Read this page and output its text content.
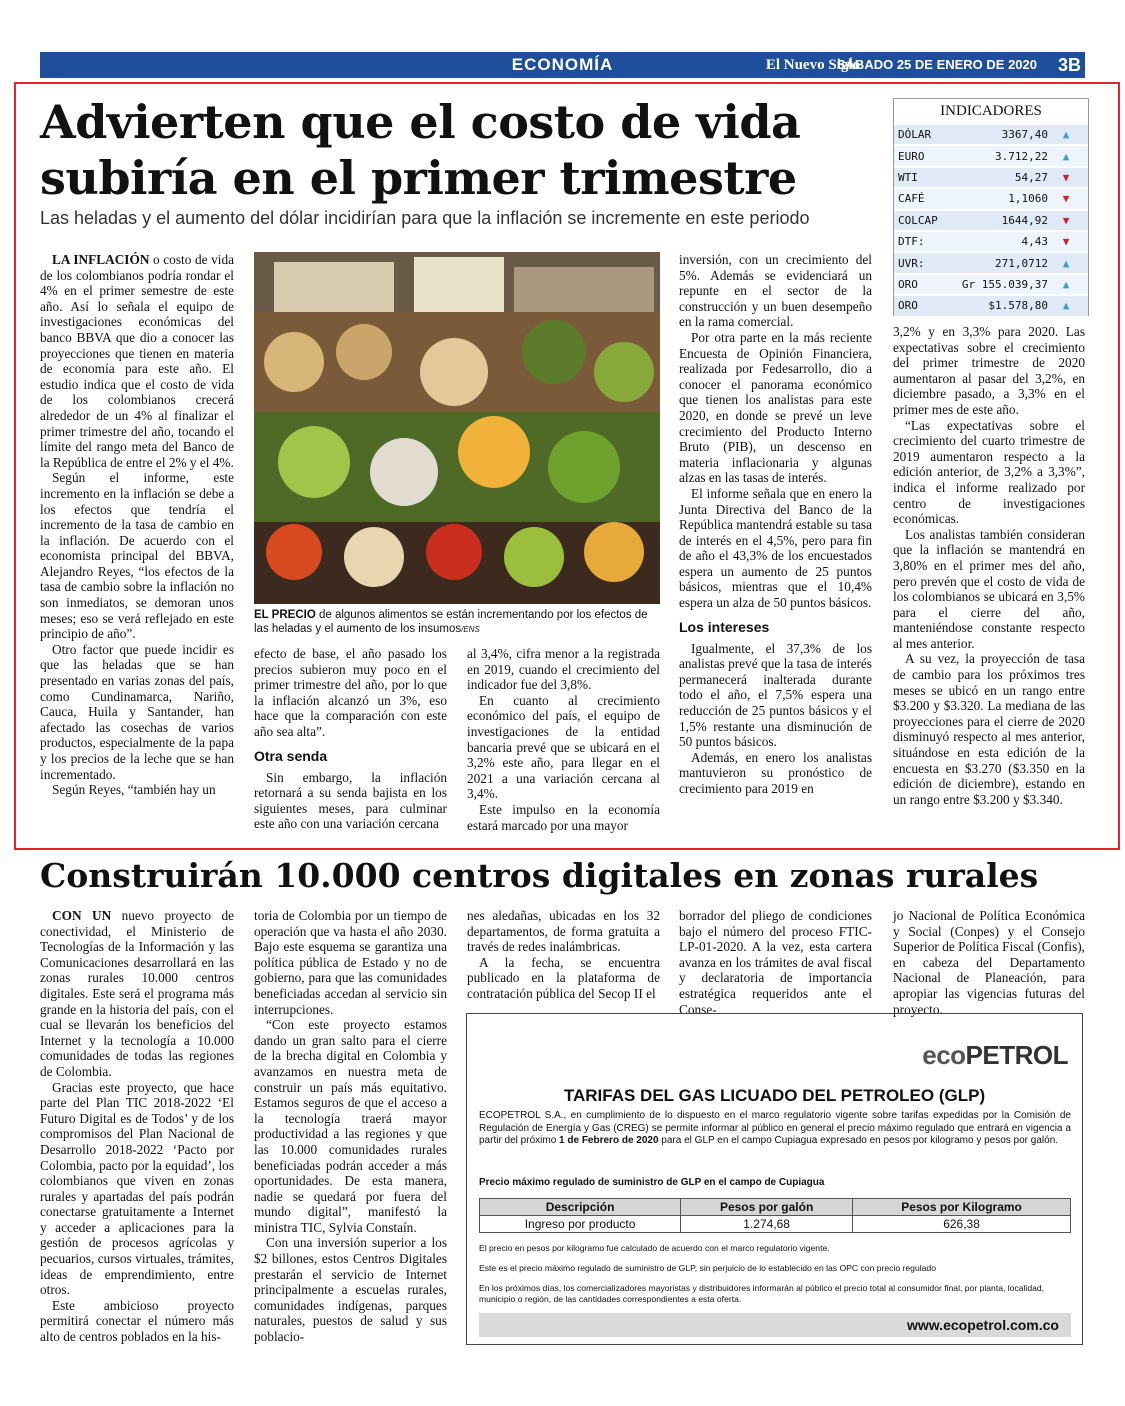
ECONOMÍA	El Nuevo Siglo
SÁBADO 25 DE ENERO DE 2020 3B
Advierten que el costo de vida subiría en el primer trimestre
Las heladas y el aumento del dólar incidirían para que la inflación se incremente en este periodo
INDICADORES
DÓLAR	3367,40	▲
EURO	3.712,22	▲
WTI	54,27	▼
CAFÉ	1,1060	▼
COLCAP	1644,92	▼
DTF:	4,43	▼
UVR:	271,0712	▲
ORO	Gr 155.039,37	▲
ORO	$1.578,80	▲

LA INFLACIÓN o costo de vida de los colombianos podría rondar el 4% en el primer semestre de este año. Así lo señala el equipo de investigaciones económicas del banco BBVA que dio a conocer las proyecciones que tienen en materia de economía para este año. El estudio indica que el costo de vida de los colombianos crecerá alrededor de un 4% al finalizar el primer trimestre del año, tocando el límite del rango meta del Banco de la República de entre el 2% y el 4%.

Según el informe, este incremento en la inflación se debe a los efectos que tendría el incremento de la tasa de cambio en la inflación. De acuerdo con el economista principal del BBVA, Alejandro Reyes, “los efectos de la tasa de cambio sobre la inflación no son inmediatos, se demoran unos meses; eso se verá reflejado en este principio de año”.

Otro factor que puede incidir es que las heladas que se han presentado en varias zonas del país, como Cundinamarca, Nariño, Cauca, Huila y Santander, han afectado las cosechas de varios productos, especialmente de la papa y los precios de la leche que se han incrementado.

Según Reyes, “también hay un

EL PRECIO de algunos alimentos se están incrementando por los efectos de las heladas y el aumento de los insumos/ENS

efecto de base, el año pasado los precios subieron muy poco en el primer trimestre del año, por lo que la inflación alcanzó un 3%, eso hace que la comparación con este año sea alta”.

Otra senda

Sin embargo, la inflación retornará a su senda bajista en los siguientes meses, para culminar este año con una variación cercana

al 3,4%, cifra menor a la registrada en 2019, cuando el crecimiento del indicador fue del 3,8%.

En cuanto al crecimiento económico del país, el equipo de investigaciones de la entidad bancaria prevé que se ubicará en el 3,2% este año, para llegar en el 2021 a una variación cercana al 3,4%.

Este impulso en la economía estará marcado por una mayor

inversión, con un crecimiento del 5%. Además se evidenciará un repunte en el sector de la construcción y un buen desempeño en la rama comercial.

Por otra parte en la más reciente Encuesta de Opinión Financiera, realizada por Fedesarrollo, dio a conocer el panorama económico que tienen los analistas para este 2020, en donde se prevé un leve crecimiento del Producto Interno Bruto (PIB), un descenso en materia inflacionaria y algunas alzas en las tasas de interés.

El informe señala que en enero la Junta Directiva del Banco de la República mantendrá estable su tasa de interés en el 4,5%, pero para fin de año el 43,3% de los encuestados espera un aumento de 25 puntos básicos, mientras que el 10,4% espera un alza de 50 puntos básicos.

Los intereses

Igualmente, el 37,3% de los analistas prevé que la tasa de interés permanecerá inalterada durante todo el año, el 7,5% espera una reducción de 25 puntos básicos y el 1,5% restante una disminución de 50 puntos básicos.

Además, en enero los analistas mantuvieron su pronóstico de crecimiento para 2019 en

3,2% y en 3,3% para 2020. Las expectativas sobre el crecimiento del primer trimestre de 2020 aumentaron al pasar del 3,2%, en diciembre pasado, a 3,3% en el primer mes de este año.

“Las expectativas sobre el crecimiento del cuarto trimestre de 2019 aumentaron respecto a la edición anterior, de 3,2% a 3,3%”, indica el informe realizado por centro de investigaciones económicas.

Los analistas también consideran que la inflación se mantendrá en 3,80% en el primer mes del año, pero prevén que el costo de vida de los colombianos se ubicará en 3,5% para el cierre del año, manteniéndose constante respecto al mes anterior.

A su vez, la proyección de tasa de cambio para los próximos tres meses se ubicó en un rango entre $3.200 y $3.320. La mediana de las proyecciones para el cierre de 2020 disminuyó respecto al mes anterior, situándose en esta edición de la encuesta en $3.270 ($3.350 en la edición de diciembre), estando en un rango entre $3.200 y $3.340.

Construirán 10.000 centros digitales en zonas rurales

CON UN nuevo proyecto de conectividad, el Ministerio de Tecnologías de la Información y las Comunicaciones desarrollará en las zonas rurales 10.000 centros digitales. Este será el programa más grande en la historia del país, con el cual se llevarán los beneficios del Internet y la tecnología a 10.000 comunidades de todas las regiones de Colombia.

Gracias este proyecto, que hace parte del Plan TIC 2018-2022 ‘El Futuro Digital es de Todos’ y de los compromisos del Plan Nacional de Desarrollo 2018-2022 ‘Pacto por Colombia, pacto por la equidad’, los colombianos que viven en zonas rurales y apartadas del país podrán conectarse gratuitamente a Internet y acceder a aplicaciones para la gestión de procesos agrícolas y pecuarios, cursos virtuales, trámites, ideas de emprendimiento, entre otros.

Este ambicioso proyecto permitirá conectar el número más alto de centros poblados en la his-

toria de Colombia por un tiempo de operación que va hasta el año 2030. Bajo este esquema se garantiza una política pública de Estado y no de gobierno, para que las comunidades beneficiadas accedan al servicio sin interrupciones.

“Con este proyecto estamos dando un gran salto para el cierre de la brecha digital en Colombia y avanzamos en nuestra meta de construir un país más equitativo. Estamos seguros de que el acceso a la tecnología traerá mayor productividad a las regiones y que las 10.000 comunidades rurales beneficiadas podrán acceder a más oportunidades. De esta manera, nadie se quedará por fuera del mundo digital”, manifestó la ministra TIC, Sylvia Constaín.

Con una inversión superior a los $2 billones, estos Centros Digitales prestarán el servicio de Internet principalmente a escuelas rurales, comunidades indígenas, parques naturales, puestos de salud y sus poblacio-

nes aledañas, ubicadas en los 32 departamentos, de forma gratuita a través de redes inalámbricas.

A la fecha, se encuentra publicado en la plataforma de contratación pública del Secop II el

borrador del pliego de condiciones bajo el número del proceso FTIC-LP-01-2020. A la vez, esta cartera avanza en los trámites de aval fiscal y declaratoria de importancia estratégica requeridos ante el Conse-

jo Nacional de Política Económica y Social (Conpes) y el Consejo Superior de Política Fiscal (Confis), en cabeza del Departamento Nacional de Planeación, para apropiar las vigencias futuras del proyecto.

ecoPETROL
TARIFAS DEL GAS LICUADO DEL PETROLEO (GLP)
ECOPETROL S.A., en cumplimiento de lo dispuesto en el marco regulatorio vigente sobre tarifas expedidas por la Comisión de Regulación de Energía y Gas (CREG) se permite informar al público en general el precio máximo regulado que entrará en vigencia a partir del próximo 1 de Febrero de 2020 para el GLP en el campo Cupiagua expresado en pesos por kilogramo y pesos por galón.
Precio máximo regulado de suministro de GLP en el campo de Cupiagua
Descripción	Pesos por galón	Pesos por Kilogramo
Ingreso por producto	1.274,68	626,38
El precio en pesos por kilogramo fue calculado de acuerdo con el marco regulatorio vigente.
Este es el precio máximo regulado de suministro de GLP, sin perjuicio de lo establecido en las OPC con precio regulado
En los próximos días, los comercializadores mayoristas y distribuidores informarán al público el precio total al consumidor final, por planta, localidad, municipio o región, de las cantidades correspondientes a esta oferta.
www.ecopetrol.com.co
